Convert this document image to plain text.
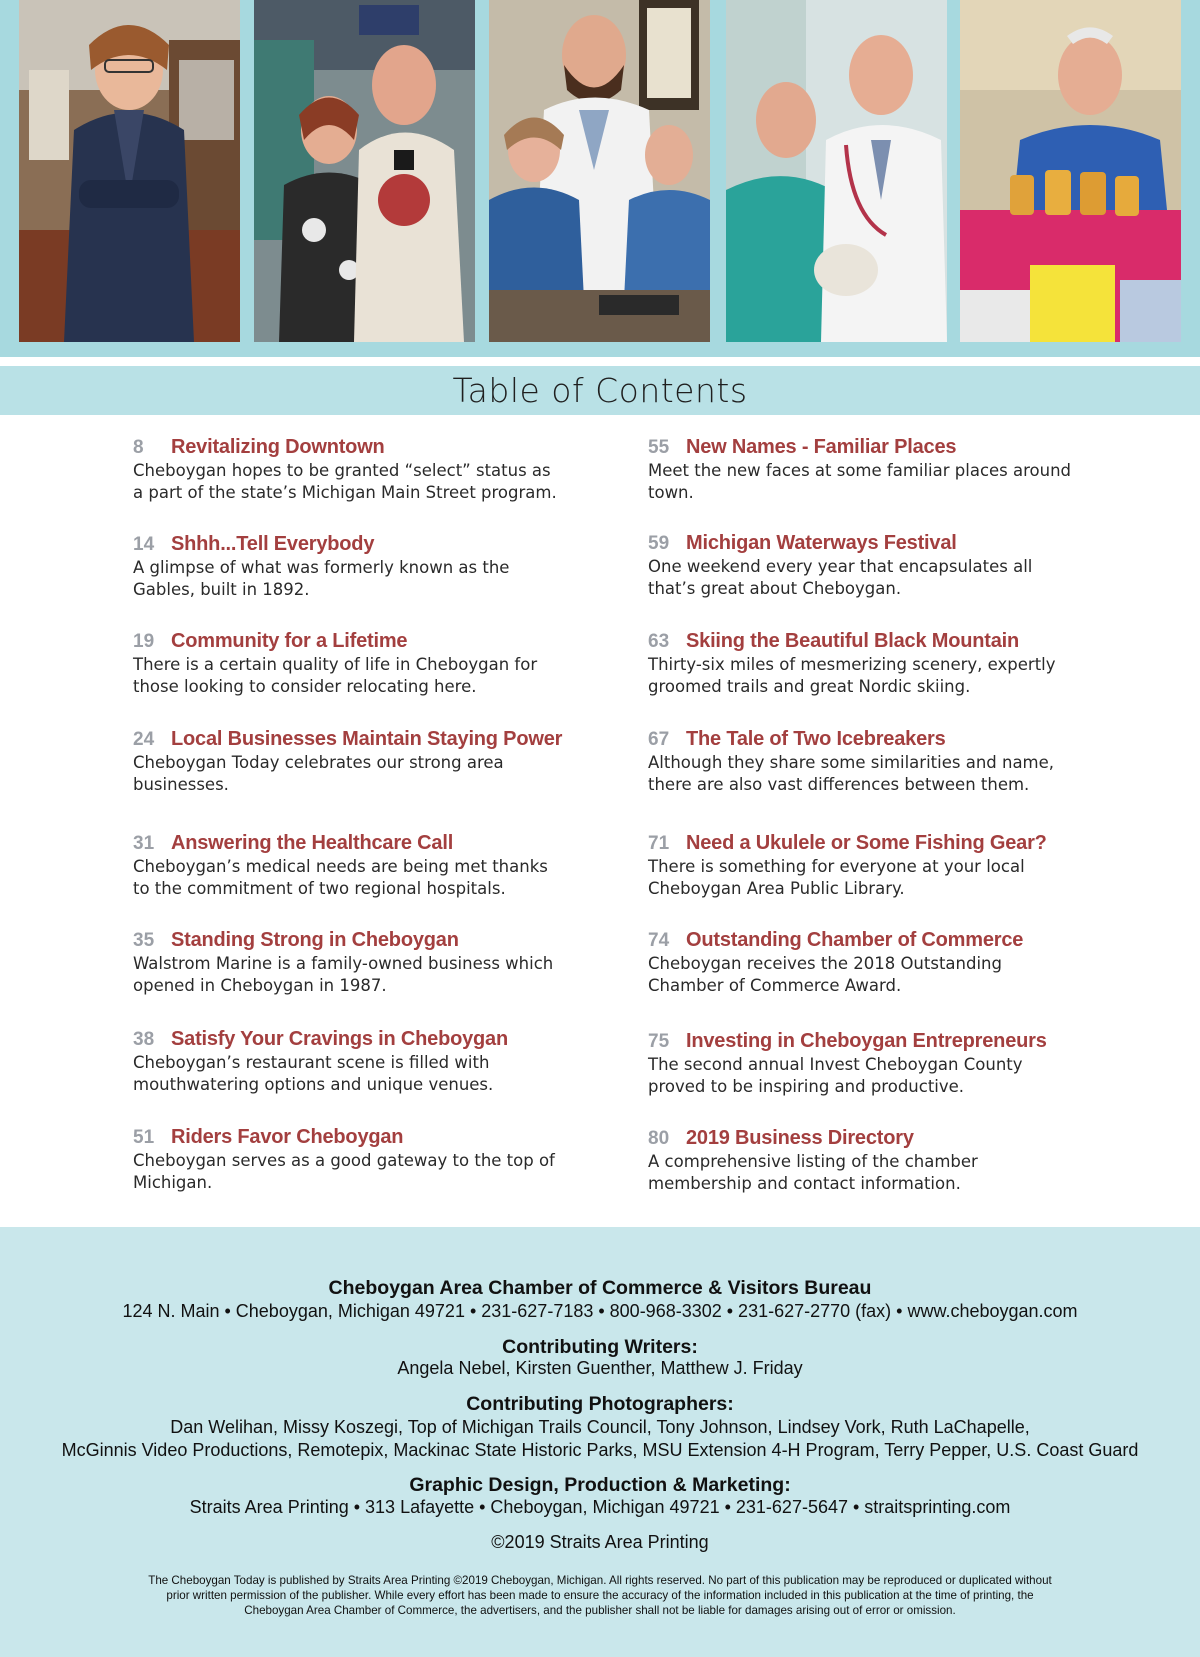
Table of Contents
8 Revitalizing Downtown
Cheboygan hopes to be granted “select” status as a part of the state’s Michigan Main Street program.
14 Shhh...Tell Everybody
A glimpse of what was formerly known as the Gables, built in 1892.
19 Community for a Lifetime
There is a certain quality of life in Cheboygan for those looking to consider relocating here.
24 Local Businesses Maintain Staying Power
Cheboygan Today celebrates our strong area businesses.
31 Answering the Healthcare Call
Cheboygan’s medical needs are being met thanks to the commitment of two regional hospitals.
35 Standing Strong in Cheboygan
Walstrom Marine is a family-owned business which opened in Cheboygan in 1987.
38 Satisfy Your Cravings in Cheboygan
Cheboygan’s restaurant scene is filled with mouthwatering options and unique venues.
51 Riders Favor Cheboygan
Cheboygan serves as a good gateway to the top of Michigan.
55 New Names - Familiar Places
Meet the new faces at some familiar places around town.
59 Michigan Waterways Festival
One weekend every year that encapsulates all that’s great about Cheboygan.
63 Skiing the Beautiful Black Mountain
Thirty-six miles of mesmerizing scenery, expertly groomed trails and great Nordic skiing.
67 The Tale of Two Icebreakers
Although they share some similarities and name, there are also vast differences between them.
71 Need a Ukulele or Some Fishing Gear?
There is something for everyone at your local Cheboygan Area Public Library.
74 Outstanding Chamber of Commerce
Cheboygan receives the 2018 Outstanding Chamber of Commerce Award.
75 Investing in Cheboygan Entrepreneurs
The second annual Invest Cheboygan County proved to be inspiring and productive.
80 2019 Business Directory
A comprehensive listing of the chamber membership and contact information.
Cheboygan Area Chamber of Commerce & Visitors Bureau
124 N. Main • Cheboygan, Michigan 49721 • 231-627-7183 • 800-968-3302 • 231-627-2770 (fax) • www.cheboygan.com
Contributing Writers:
Angela Nebel, Kirsten Guenther, Matthew J. Friday
Contributing Photographers:
Dan Welihan, Missy Koszegi, Top of Michigan Trails Council, Tony Johnson, Lindsey Vork, Ruth LaChapelle,
McGinnis Video Productions, Remotepix, Mackinac State Historic Parks, MSU Extension 4-H Program, Terry Pepper, U.S. Coast Guard
Graphic Design, Production & Marketing:
Straits Area Printing • 313 Lafayette • Cheboygan, Michigan 49721 • 231-627-5647 • straitsprinting.com
©2019 Straits Area Printing
The Cheboygan Today is published by Straits Area Printing ©2019 Cheboygan, Michigan. All rights reserved. No part of this publication may be reproduced or duplicated without
prior written permission of the publisher. While every effort has been made to ensure the accuracy of the information included in this publication at the time of printing, the
Cheboygan Area Chamber of Commerce, the advertisers, and the publisher shall not be liable for damages arising out of error or omission.
